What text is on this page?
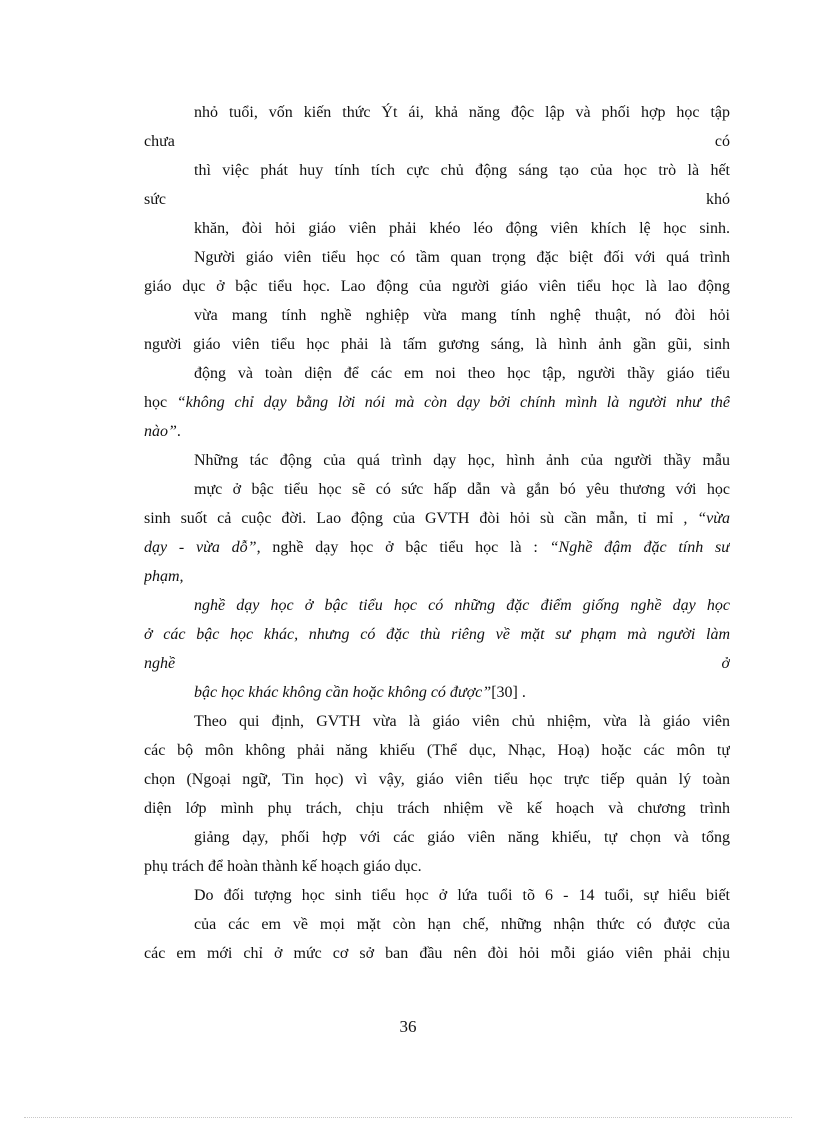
nhỏ tuổi, vốn kiến thức Ýt ái, khả năng độc lập và phối hợp học tập
chưa	có
thì việc phát huy tính tích cực chủ động sáng tạo của học trò là hết
sức	khó
khăn, đòi hỏi giáo viên phải khéo léo động viên khích lệ học sinh.
Người giáo viên tiểu học có tầm quan trọng đặc biệt đối với quá trình
giáo dục ở bậc tiểu học. Lao động của người giáo viên tiểu học là lao động
vừa mang tính nghề nghiệp vừa mang tính nghệ thuật, nó đòi hỏi
người giáo viên tiểu học phải là tấm gương sáng, là hình ảnh gần gũi, sinh
động và toàn diện để các em noi theo học tập, người thầy giáo tiểu
học “không chỉ dạy bằng lời nói mà còn dạy bởi chính mình là người như thế
nào”.
Những tác động của quá trình dạy học, hình ảnh của người thầy mẫu
mực ở bậc tiểu học sẽ có sức hấp dẫn và gắn bó yêu thương với học
sinh suốt cả cuộc đời. Lao động của GVTH đòi hỏi sù cần mẫn, tỉ mỉ , “vừa
dạy - vừa dỗ”, nghề dạy học ở bậc tiểu học là : “Nghề đậm đặc tính sư
phạm,
nghề dạy học ở bậc tiểu học có những đặc điểm giống nghề dạy học
ở các bậc học khác, nhưng có đặc thù riêng về mặt sư phạm mà người làm
nghề	ở
bậc học khác không cần hoặc không có được”[30] .
Theo qui định, GVTH vừa là giáo viên chủ nhiệm, vừa là giáo viên
các bộ môn không phải năng khiếu (Thể dục, Nhạc, Hoạ) hoặc các môn tự
chọn (Ngoại ngữ, Tin học) vì vậy, giáo viên tiểu học trực tiếp quản lý toàn
diện lớp mình phụ trách, chịu trách nhiệm về kế hoạch và chương trình
giảng dạy, phối hợp với các giáo viên năng khiếu, tự chọn và tổng
phụ trách để hoàn thành kế hoạch giáo dục.
Do đối tượng học sinh tiểu học ở lứa tuổi tõ 6 - 14 tuổi, sự hiểu biết
của các em về mọi mặt còn hạn chế, những nhận thức có được của
các em mới chỉ ở mức cơ sở ban đầu nên đòi hỏi mỗi giáo viên phải chịu
36
